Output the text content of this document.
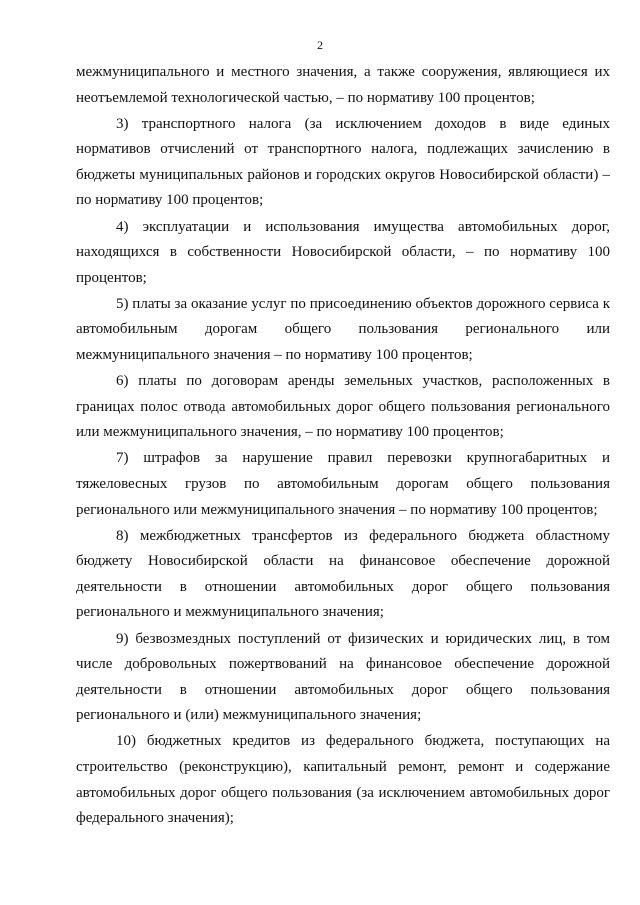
2

межмуниципального и местного значения, а также сооружения, являющиеся их неотъемлемой технологической частью, – по нормативу 100 процентов;

3) транспортного налога (за исключением доходов в виде единых нормативов отчислений от транспортного налога, подлежащих зачислению в бюджеты муниципальных районов и городских округов Новосибирской области) – по нормативу 100 процентов;

4) эксплуатации и использования имущества автомобильных дорог, находящихся в собственности Новосибирской области, – по нормативу 100 процентов;

5) платы за оказание услуг по присоединению объектов дорожного сервиса к автомобильным дорогам общего пользования регионального или межмуниципального значения – по нормативу 100 процентов;

6) платы по договорам аренды земельных участков, расположенных в границах полос отвода автомобильных дорог общего пользования регионального или межмуниципального значения, – по нормативу 100 процентов;

7) штрафов за нарушение правил перевозки крупногабаритных и тяжеловесных грузов по автомобильным дорогам общего пользования регионального или межмуниципального значения – по нормативу 100 процентов;

8) межбюджетных трансфертов из федерального бюджета областному бюджету Новосибирской области на финансовое обеспечение дорожной деятельности в отношении автомобильных дорог общего пользования регионального и межмуниципального значения;

9) безвозмездных поступлений от физических и юридических лиц, в том числе добровольных пожертвований на финансовое обеспечение дорожной деятельности в отношении автомобильных дорог общего пользования регионального и (или) межмуниципального значения;

10) бюджетных кредитов из федерального бюджета, поступающих на строительство (реконструкцию), капитальный ремонт, ремонт и содержание автомобильных дорог общего пользования (за исключением автомобильных дорог федерального значения);
